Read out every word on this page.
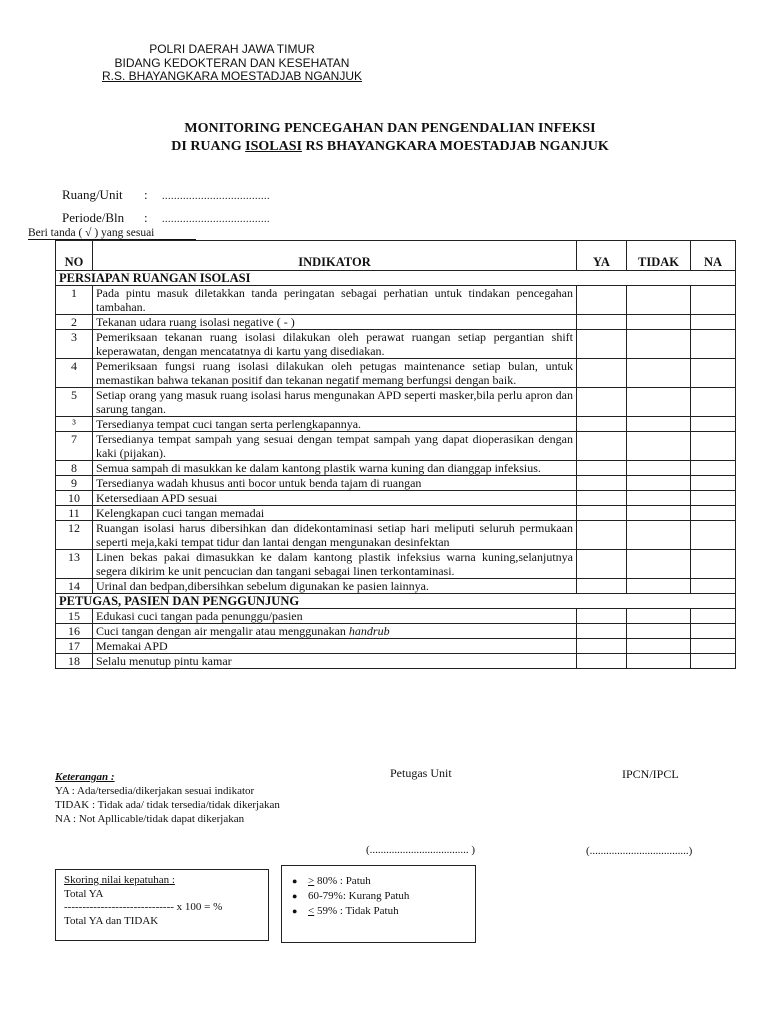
POLRI DAERAH JAWA TIMUR
BIDANG KEDOKTERAN DAN KESEHATAN
R.S. BHAYANGKARA MOESTADJAB NGANJUK
MONITORING PENCEGAHAN DAN PENGENDALIAN INFEKSI
DI RUANG ISOLASI RS BHAYANGKARA MOESTADJAB NGANJUK
Ruang/Unit : ....................................
Periode/Bln : ....................................
Beri tanda ( √ ) yang sesuai
NO	INDIKATOR	YA	TIDAK	NA
PERSIAPAN RUANGAN ISOLASI				
1	Pada pintu masuk diletakkan tanda peringatan sebagai perhatian untuk tindakan pencegahan tambahan.			
2	Tekanan udara ruang isolasi negative ( - )			
3	Pemeriksaan tekanan ruang isolasi dilakukan oleh perawat ruangan setiap pergantian shift keperawatan, dengan mencatatnya di kartu yang disediakan.			
4	Pemeriksaan fungsi ruang isolasi dilakukan oleh petugas maintenance setiap bulan, untuk memastikan bahwa tekanan positif dan tekanan negatif memang berfungsi dengan baik.			
5	Setiap orang yang masuk ruang isolasi harus mengunakan APD seperti masker,bila perlu apron dan sarung tangan.			
³	Tersedianya tempat cuci tangan serta perlengkapannya.			
7	Tersedianya tempat sampah yang sesuai dengan tempat sampah yang dapat dioperasikan dengan kaki (pijakan).			
8	Semua sampah di masukkan ke dalam kantong plastik warna kuning dan dianggap infeksius.			
9	Tersedianya wadah khusus anti bocor untuk benda tajam di ruangan			
10	Ketersediaan APD sesuai			
11	Kelengkapan cuci tangan memadai			
12	Ruangan isolasi harus dibersihkan dan didekontaminasi setiap hari meliputi seluruh permukaan seperti meja,kaki tempat tidur dan lantai dengan mengunakan desinfektan			
13	Linen bekas pakai dimasukkan ke dalam kantong plastik infeksius warna kuning,selanjutnya segera dikirim ke unit pencucian dan tangani sebagai linen terkontaminasi.			
14	Urinal dan bedpan,dibersihkan sebelum digunakan ke pasien lainnya.			
PETUGAS, PASIEN DAN PENGGUNJUNG				
15	Edukasi cuci tangan pada penunggu/pasien			
16	Cuci tangan dengan air mengalir atau menggunakan handrub			
17	Memakai APD			
18	Selalu menutup pintu kamar			
Keterangan :
YA : Ada/tersedia/dikerjakan sesuai indikator
TIDAK : Tidak ada/ tidak tersedia/tidak dikerjakan
NA : Not Apllicable/tidak dapat dikerjakan
Petugas Unit	IPCN/IPCL
(.................................... )	(....................................)
Skoring nilai kepatuhan :
Total YA
------------------------------ x 100 = %
Total YA dan TIDAK
● ≥ 80% : Patuh
● 60-79%: Kurang Patuh
● ≤ 59% : Tidak Patuh
